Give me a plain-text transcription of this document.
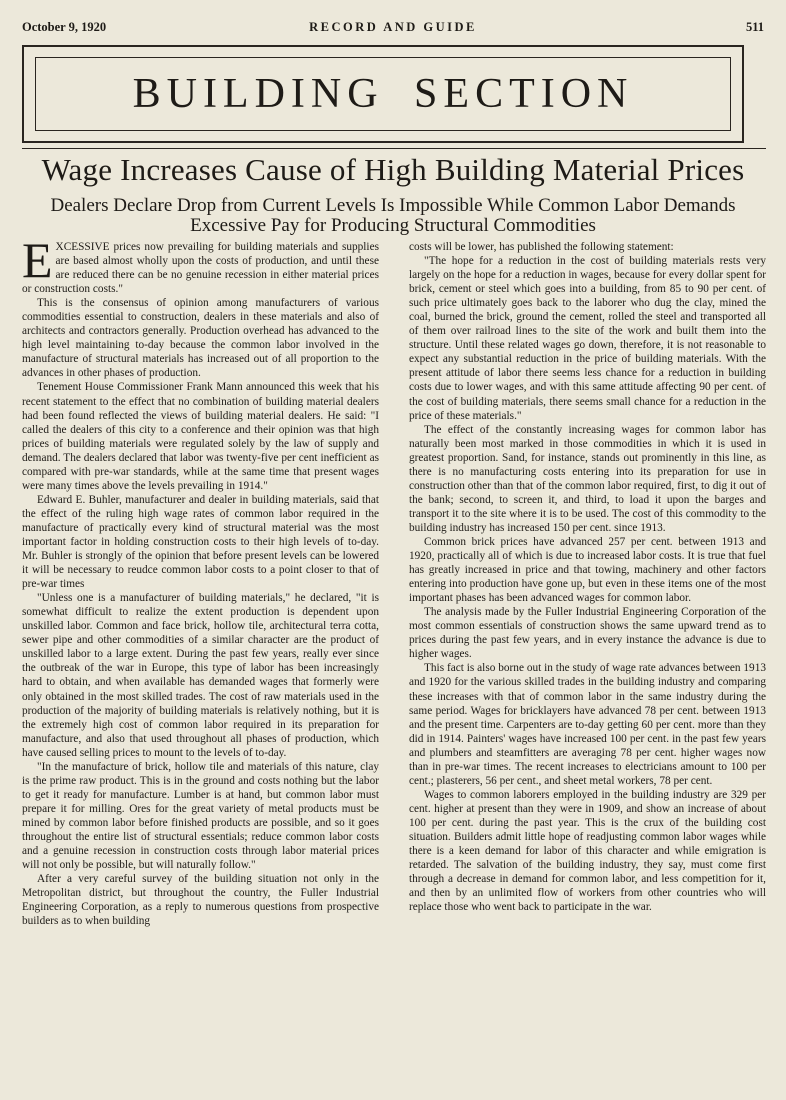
October 9, 1920	RECORD AND GUIDE	511
BUILDING SECTION
Wage Increases Cause of High Building Material Prices
Dealers Declare Drop from Current Levels Is Impossible While Common Labor Demands Excessive Pay for Producing Structural Commodities

EXCESSIVE prices now prevailing for building materials and supplies are based almost wholly upon the costs of production, and until these are reduced there can be no genuine recession in either material prices or construction costs."

This is the consensus of opinion among manufacturers of various commodities essential to construction, dealers in these materials and also of architects and contractors generally. Production overhead has advanced to the high level maintaining to-day because the common labor involved in the manufacture of structural materials has increased out of all proportion to the advances in other phases of production.

Tenement House Commissioner Frank Mann announced this week that his recent statement to the effect that no combination of building material dealers had been found reflected the views of building material dealers. He said: "I called the dealers of this city to a conference and their opinion was that high prices of building materials were regulated solely by the law of supply and demand. The dealers declared that labor was twenty-five per cent inefficient as compared with pre-war standards, while at the same time that present wages were many times above the levels prevailing in 1914."

Edward E. Buhler, manufacturer and dealer in building materials, said that the effect of the ruling high wage rates of common labor required in the manufacture of practically every kind of structural material was the most important factor in holding construction costs to their high levels of to-day. Mr. Buhler is strongly of the opinion that before present levels can be lowered it will be necessary to reudce common labor costs to a point closer to that of pre-war times

"Unless one is a manufacturer of building materials," he declared, "it is somewhat difficult to realize the extent production is dependent upon unskilled labor. Common and face brick, hollow tile, architectural terra cotta, sewer pipe and other commodities of a similar character are the product of unskilled labor to a large extent. During the past few years, really ever since the outbreak of the war in Europe, this type of labor has been increasingly hard to obtain, and when available has demanded wages that formerly were only obtained in the most skilled trades. The cost of raw materials used in the production of the majority of building materials is relatively nothing, but it is the extremely high cost of common labor required in its preparation for manufacture, and also that used throughout all phases of production, which have caused selling prices to mount to the levels of to-day.

"In the manufacture of brick, hollow tile and materials of this nature, clay is the prime raw product. This is in the ground and costs nothing but the labor to get it ready for manufacture. Lumber is at hand, but common labor must prepare it for milling. Ores for the great variety of metal products must be mined by common labor before finished products are possible, and so it goes throughout the entire list of structural essentials; reduce common labor costs and a genuine recession in construction costs through labor material prices will not only be possible, but will naturally follow."

After a very careful survey of the building situation not only in the Metropolitan district, but throughout the country, the Fuller Industrial Engineering Corporation, as a reply to numerous questions from prospective builders as to when building

costs will be lower, has published the following statement:

"The hope for a reduction in the cost of building materials rests very largely on the hope for a reduction in wages, because for every dollar spent for brick, cement or steel which goes into a building, from 85 to 90 per cent. of such price ultimately goes back to the laborer who dug the clay, mined the coal, burned the brick, ground the cement, rolled the steel and transported all of them over railroad lines to the site of the work and built them into the structure. Until these related wages go down, therefore, it is not reasonable to expect any substantial reduction in the price of building materials. With the present attitude of labor there seems less chance for a reduction in building costs due to lower wages, and with this same attitude affecting 90 per cent. of the cost of building materials, there seems small chance for a reduction in the price of these materials."

The effect of the constantly increasing wages for common labor has naturally been most marked in those commodities in which it is used in greatest proportion. Sand, for instance, stands out prominently in this line, as there is no manufacturing costs entering into its preparation for use in construction other than that of the common labor required, first, to dig it out of the bank; second, to screen it, and third, to load it upon the barges and transport it to the site where it is to be used. The cost of this commodity to the building industry has increased 150 per cent. since 1913.

Common brick prices have advanced 257 per cent. between 1913 and 1920, practically all of which is due to increased labor costs. It is true that fuel has greatly increased in price and that towing, machinery and other factors entering into production have gone up, but even in these items one of the most important phases has been advanced wages for common labor.

The analysis made by the Fuller Industrial Engineering Corporation of the most common essentials of construction shows the same upward trend as to prices during the past few years, and in every instance the advance is due to higher wages.

This fact is also borne out in the study of wage rate advances between 1913 and 1920 for the various skilled trades in the building industry and comparing these increases with that of common labor in the same industry during the same period. Wages for bricklayers have advanced 78 per cent. between 1913 and the present time. Carpenters are to-day getting 60 per cent. more than they did in 1914. Painters' wages have increased 100 per cent. in the past few years and plumbers and steamfitters are averaging 78 per cent. higher wages now than in pre-war times. The recent increases to electricians amount to 100 per cent.; plasterers, 56 per cent., and sheet metal workers, 78 per cent.

Wages to common laborers employed in the building industry are 329 per cent. higher at present than they were in 1909, and show an increase of about 100 per cent. during the past year. This is the crux of the building cost situation. Builders admit little hope of readjusting common labor wages while there is a keen demand for labor of this character and while emigration is retarded. The salvation of the building industry, they say, must come first through a decrease in demand for common labor, and less competition for it, and then by an unlimited flow of workers from other countries who will replace those who went back to participate in the war.
